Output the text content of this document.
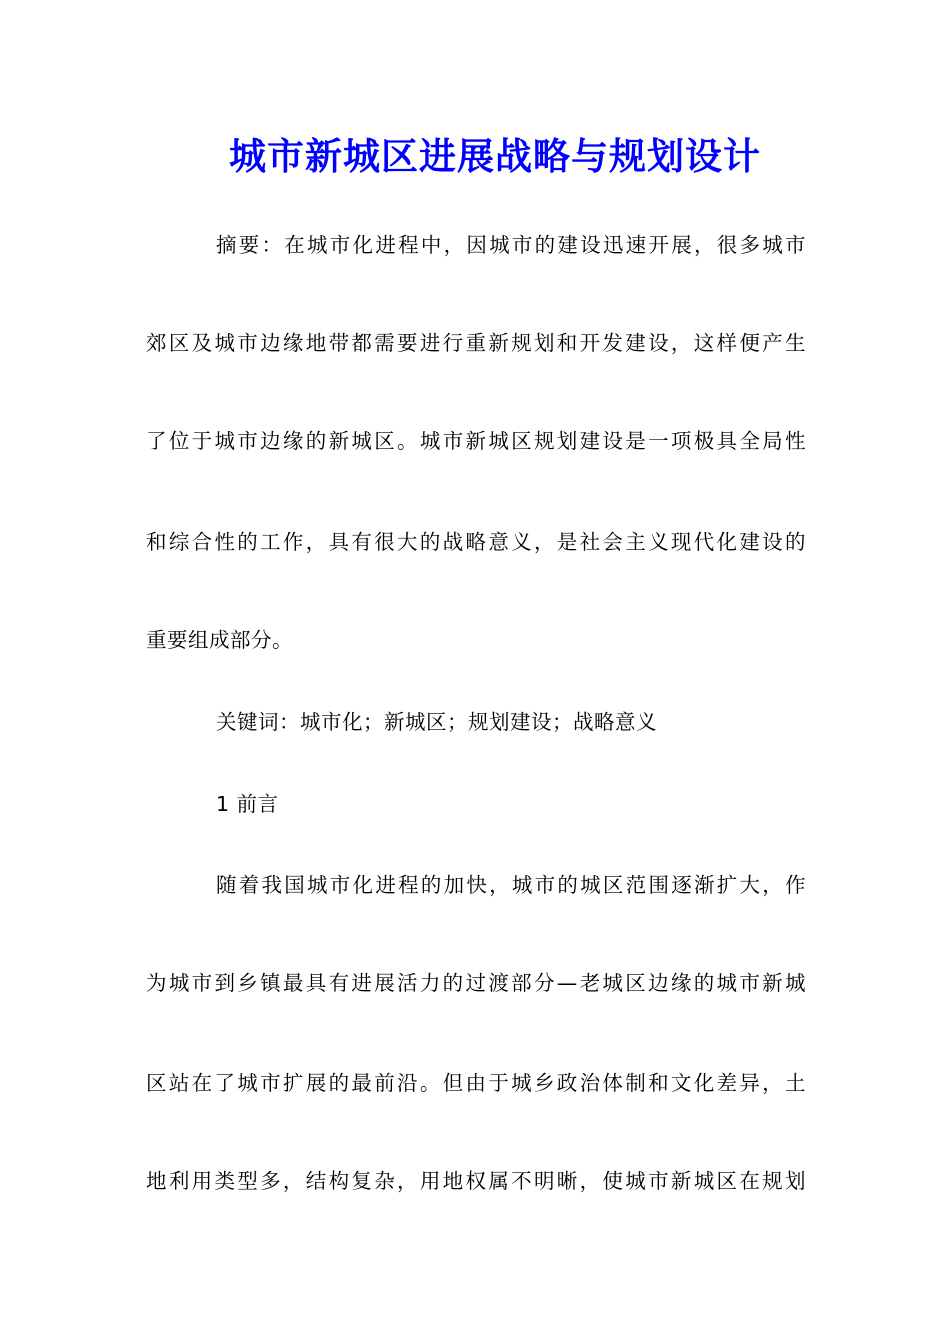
城市新城区进展战略与规划设计
摘要：在城市化进程中，因城市的建设迅速开展，很多城市
郊区及城市边缘地带都需要进行重新规划和开发建设，这样便产生
了位于城市边缘的新城区。城市新城区规划建设是一项极具全局性
和综合性的工作，具有很大的战略意义，是社会主义现代化建设的
重要组成部分。
关键词：城市化；新城区；规划建设；战略意义
1 前言
随着我国城市化进程的加快，城市的城区范围逐渐扩大，作
为城市到乡镇最具有进展活力的过渡部分—老城区边缘的城市新城
区站在了城市扩展的最前沿。但由于城乡政治体制和文化差异，土
地利用类型多，结构复杂，用地权属不明晰，使城市新城区在规划
